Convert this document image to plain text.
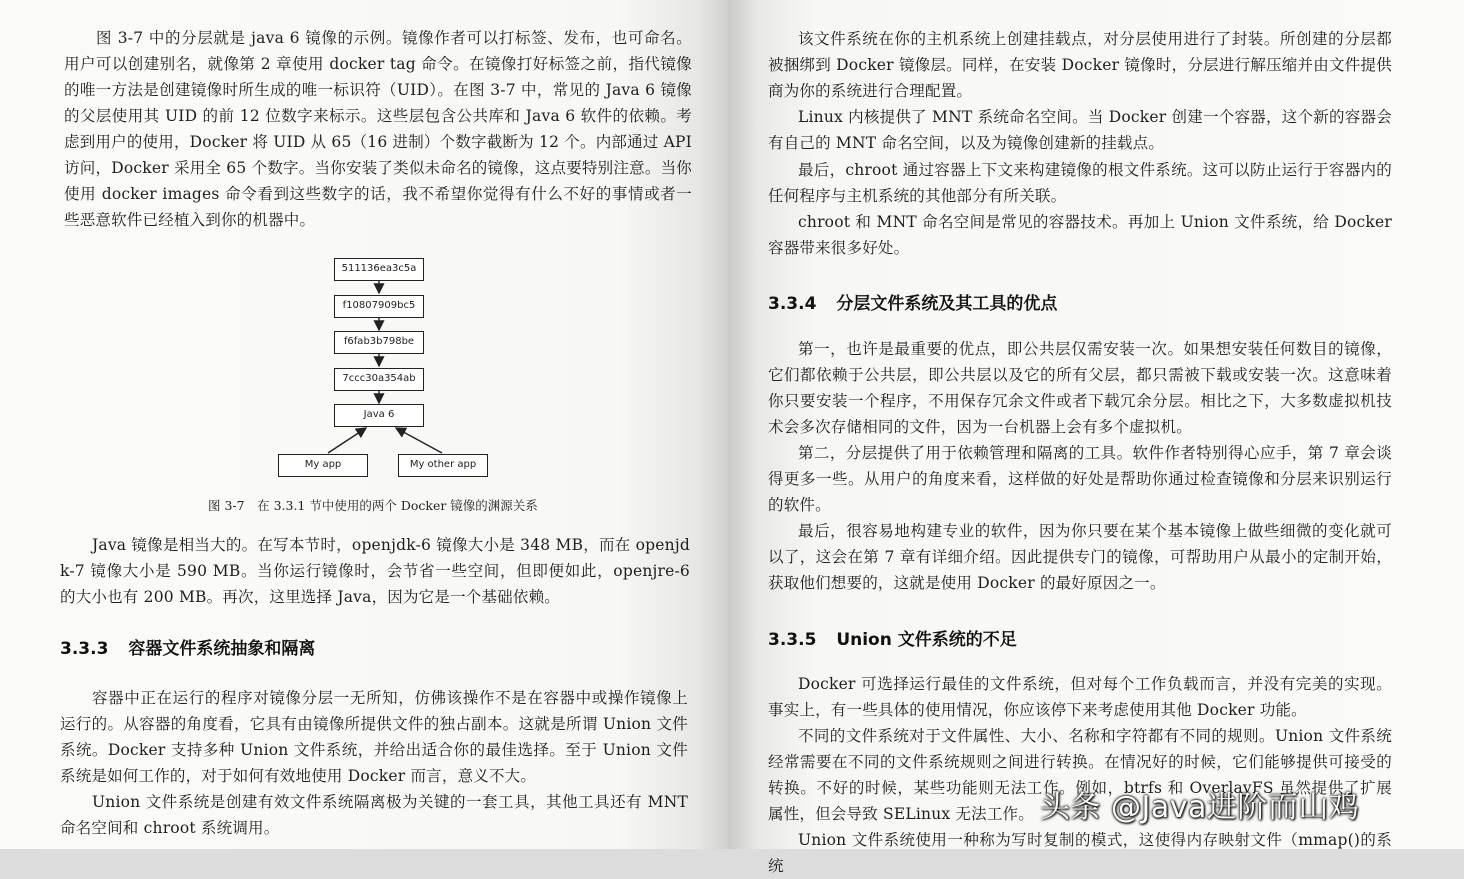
图 3-7 中的分层就是 java 6 镜像的示例。镜像作者可以打标签、发布，也可命名。用户可以创建别名，就像第 2 章使用 docker tag 命令。在镜像打好标签之前，指代镜像的唯一方法是创建镜像时所生成的唯一标识符（UID）。在图 3-7 中，常见的 Java 6 镜像的父层使用其 UID 的前 12 位数字来标示。这些层包含公共库和 Java 6 软件的依赖。考虑到用户的使用，Docker 将 UID 从 65（16 进制）个数字截断为 12 个。内部通过 API 访问，Docker 采用全 65 个数字。当你安装了类似未命名的镜像，这点要特别注意。当你使用 docker images 命令看到这些数字的话，我不希望你觉得有什么不好的事情或者一些恶意软件已经植入到你的机器中。

511136ea3c5a
f10807909bc5
f6fab3b798be
7ccc30a354ab
Java 6
My app	My other app
图 3-7　在 3.3.1 节中使用的两个 Docker 镜像的渊源关系

Java 镜像是相当大的。在写本节时，openjdk-6 镜像大小是 348 MB，而在 openjdk-7 镜像大小是 590 MB。当你运行镜像时，会节省一些空间，但即便如此，openjre-6 的大小也有 200 MB。再次，这里选择 Java，因为它是一个基础依赖。

3.3.3 容器文件系统抽象和隔离

容器中正在运行的程序对镜像分层一无所知，仿佛该操作不是在容器中或操作镜像上运行的。从容器的角度看，它具有由镜像所提供文件的独占副本。这就是所谓 Union 文件系统。Docker 支持多种 Union 文件系统，并给出适合你的最佳选择。至于 Union 文件系统是如何工作的，对于如何有效地使用 Docker 而言，意义不大。

Union 文件系统是创建有效文件系统隔离极为关键的一套工具，其他工具还有 MNT 命名空间和 chroot 系统调用。

该文件系统在你的主机系统上创建挂载点，对分层使用进行了封装。所创建的分层都被捆绑到 Docker 镜像层。同样，在安装 Docker 镜像时，分层进行解压缩并由文件提供商为你的系统进行合理配置。

Linux 内核提供了 MNT 系统命名空间。当 Docker 创建一个容器，这个新的容器会有自己的 MNT 命名空间，以及为镜像创建新的挂载点。

最后，chroot 通过容器上下文来构建镜像的根文件系统。这可以防止运行于容器内的任何程序与主机系统的其他部分有所关联。

chroot 和 MNT 命名空间是常见的容器技术。再加上 Union 文件系统，给 Docker 容器带来很多好处。

3.3.4 分层文件系统及其工具的优点

第一，也许是最重要的优点，即公共层仅需安装一次。如果想安装任何数目的镜像，它们都依赖于公共层，即公共层以及它的所有父层，都只需被下载或安装一次。这意味着你只要安装一个程序，不用保存冗余文件或者下载冗余分层。相比之下，大多数虚拟机技术会多次存储相同的文件，因为一台机器上会有多个虚拟机。

第二，分层提供了用于依赖管理和隔离的工具。软件作者特别得心应手，第 7 章会谈得更多一些。从用户的角度来看，这样做的好处是帮助你通过检查镜像和分层来识别运行的软件。

最后，很容易地构建专业的软件，因为你只要在某个基本镜像上做些细微的变化就可以了，这会在第 7 章有详细介绍。因此提供专门的镜像，可帮助用户从最小的定制开始，获取他们想要的，这就是使用 Docker 的最好原因之一。

3.3.5 Union 文件系统的不足

Docker 可选择运行最佳的文件系统，但对每个工作负载而言，并没有完美的实现。事实上，有一些具体的使用情况，你应该停下来考虑使用其他 Docker 功能。

不同的文件系统对于文件属性、大小、名称和字符都有不同的规则。Union 文件系统经常需要在不同的文件系统规则之间进行转换。在情况好的时候，它们能够提供可接受的转换。不好的时候，某些功能则无法工作。例如，btrfs 和 OverlayFS 虽然提供了扩展属性，但会导致 SELinux 无法工作。

Union 文件系统使用一种称为写时复制的模式，这使得内存映射文件（mmap()的系统

头条 @Java进阶而山鸡
